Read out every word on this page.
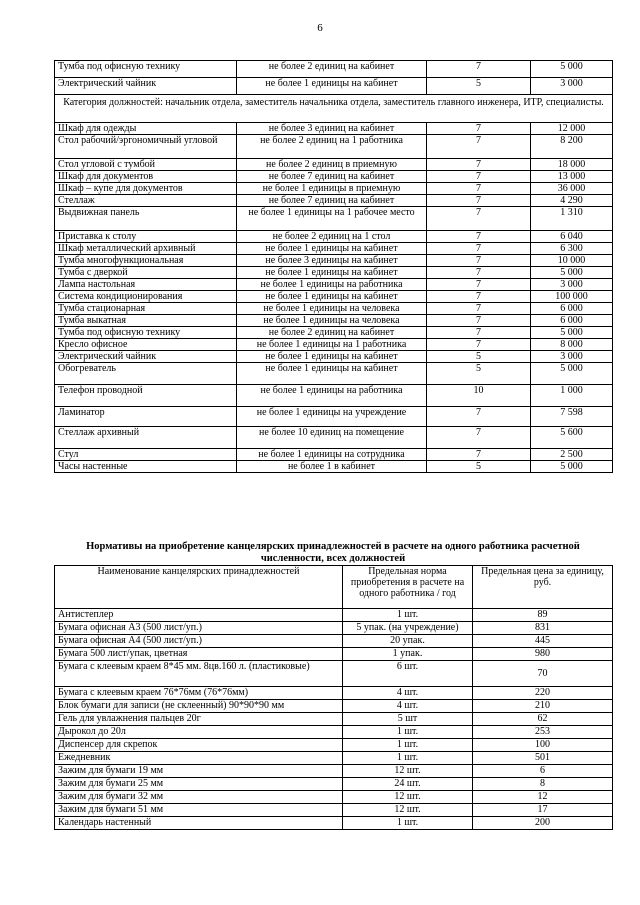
6
Тумба под офисную технику	не более 2 единиц на кабинет	7	5 000
Электрический чайник	не более 1 единицы на кабинет	5	3 000
Категория должностей: начальник отдела, заместитель начальника отдела, заместитель главного инженера, ИТР, специалисты.			
Шкаф для одежды	не более 3 единиц на кабинет	7	12 000
Стол рабочий/эргономичный угловой	не более 2 единиц на 1 работника	7	8 200
Стол угловой с тумбой	не более 2 единиц в приемную	7	18 000
Шкаф для документов	не более 7 единиц на кабинет	7	13 000
Шкаф – купе для документов	не более 1 единицы в приемную	7	36 000
Стеллаж	не более 7 единиц на кабинет	7	4 290
Выдвижная панель	не более 1 единицы на 1 рабочее место	7	1 310
Приставка к столу	не более 2 единиц на 1 стол	7	6 040
Шкаф металлический архивный	не более 1 единицы на кабинет	7	6 300
Тумба многофункциональная	не более 3 единицы на кабинет	7	10 000
Тумба с дверкой	не более 1 единицы на кабинет	7	5 000
Лампа настольная	не более 1 единицы на работника	7	3 000
Система кондиционирования	не более 1 единицы на кабинет	7	100 000
Тумба стационарная	не более 1 единицы на человека	7	6 000
Тумба выкатная	не более 1 единицы на человека	7	6 000
Тумба под офисную технику	не более 2 единиц на кабинет	7	5 000
Кресло офисное	не более 1 единицы на 1 работника	7	8 000
Электрический чайник	не более 1 единицы на кабинет	5	3 000
Обогреватель	не более 1 единицы на кабинет	5	5 000
Телефон проводной	не более 1 единицы на работника	10	1 000
Ламинатор	не более 1 единицы на учреждение	7	7 598
Стеллаж архивный	не более 10 единиц на помещение	7	5 600
Стул	не более 1 единицы на сотрудника	7	2 500
Часы настенные	не более 1 в кабинет	5	5 000
Нормативы на приобретение канцелярских принадлежностей в расчете на одного работника расчетной численности, всех должностей
Наименование канцелярских принадлежностей	Предельная норма приобретения в расчете на одного работника / год	Предельная цена за единицу, руб.
Антистеплер	1 шт.	89
Бумага офисная А3 (500 лист/уп.)	5 упак. (на учреждение)	831
Бумага офисная А4 (500 лист/уп.)	20 упак.	445
Бумага 500 лист/упак, цветная	1 упак.	980
Бумага с клеевым краем 8*45 мм. 8цв.160 л. (пластиковые)	6 шт.	70
Бумага с клеевым краем 76*76мм (76*76мм)	4 шт.	220
Блок бумаги для записи (не склеенный) 90*90*90 мм	4 шт.	210
Гель для увлажнения пальцев 20г	5 шт	62
Дырокол до 20л	1 шт.	253
Диспенсер для скрепок	1 шт.	100
Ежедневник	1 шт.	501
Зажим для бумаги 19 мм	12 шт.	6
Зажим для бумаги 25 мм	24 шт.	8
Зажим для бумаги 32 мм	12 шт.	12
Зажим для бумаги 51 мм	12 шт.	17
Календарь настенный	1 шт.	200
